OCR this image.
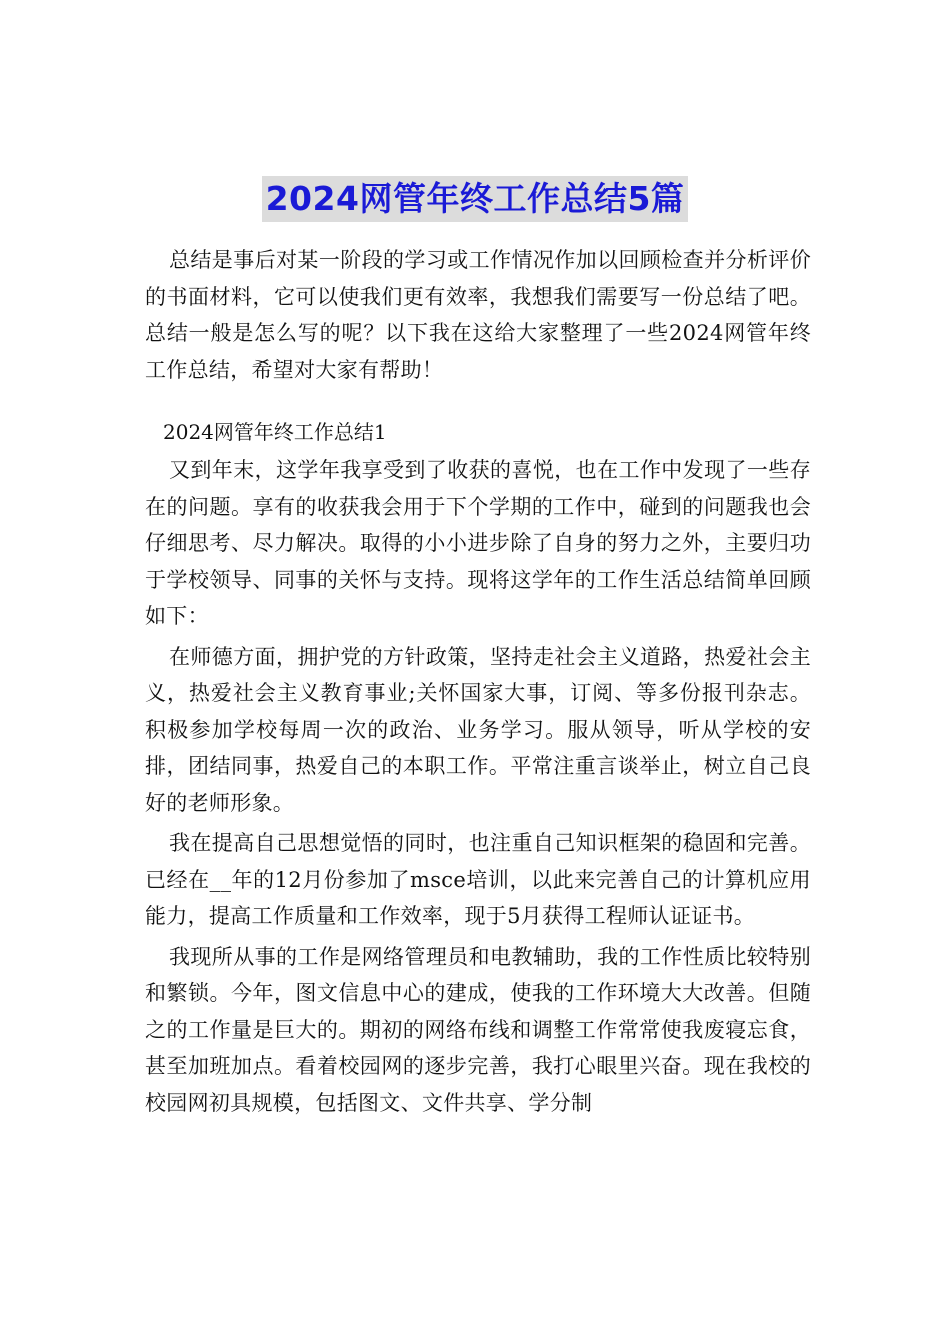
2024网管年终工作总结5篇

总结是事后对某一阶段的学习或工作情况作加以回顾检查并分析评价的书面材料，它可以使我们更有效率，我想我们需要写一份总结了吧。总结一般是怎么写的呢？以下我在这给大家整理了一些2024网管年终工作总结，希望对大家有帮助！

2024网管年终工作总结1

又到年末，这学年我享受到了收获的喜悦，也在工作中发现了一些存在的问题。享有的收获我会用于下个学期的工作中，碰到的问题我也会仔细思考、尽力解决。取得的小小进步除了自身的努力之外，主要归功于学校领导、同事的关怀与支持。现将这学年的工作生活总结简单回顾如下：

在师德方面，拥护党的方针政策，坚持走社会主义道路，热爱社会主义，热爱社会主义教育事业;关怀国家大事，订阅、等多份报刊杂志。积极参加学校每周一次的政治、业务学习。服从领导，听从学校的安排，团结同事，热爱自己的本职工作。平常注重言谈举止，树立自己良好的老师形象。

我在提高自己思想觉悟的同时，也注重自己知识框架的稳固和完善。已经在__年的12月份参加了msce培训，以此来完善自己的计算机应用能力，提高工作质量和工作效率，现于5月获得工程师认证证书。

我现所从事的工作是网络管理员和电教辅助，我的工作性质比较特别和繁锁。今年，图文信息中心的建成，使我的工作环境大大改善。但随之的工作量是巨大的。期初的网络布线和调整工作常常使我废寝忘食，甚至加班加点。看着校园网的逐步完善，我打心眼里兴奋。现在我校的校园网初具规模，包括图文、文件共享、学分制
